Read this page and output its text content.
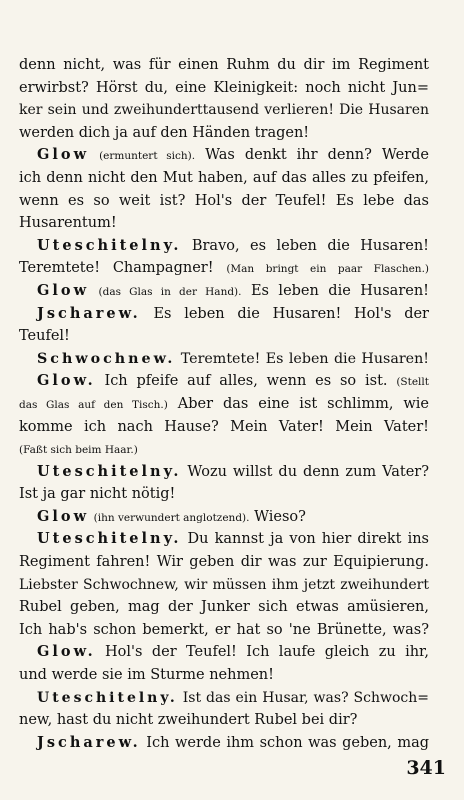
denn nicht, was für einen Ruhm du dir im Regiment
erwirbst? Hörst du, eine Kleinigkeit: noch nicht Jun=
ker sein und zweihunderttausend verlieren! Die Husaren
werden dich ja auf den Händen tragen!
Glow (ermuntert sich). Was denkt ihr denn? Werde
ich denn nicht den Mut haben, auf das alles zu pfeifen,
wenn es so weit ist? Hol's der Teufel! Es lebe das
Husarentum!
Uteschitelny. Bravo, es leben die Husaren!
Teremtete! Champagner! (Man bringt ein paar Flaschen.)
Glow (das Glas in der Hand). Es leben die Husaren!
Jscharew. Es leben die Husaren! Hol's der
Teufel!
Schwochnew. Teremtete! Es leben die Husaren!
Glow. Ich pfeife auf alles, wenn es so ist. (Stellt
das Glas auf den Tisch.) Aber das eine ist schlimm, wie
komme ich nach Hause? Mein Vater! Mein Vater!
(Faßt sich beim Haar.)
Uteschitelny. Wozu willst du denn zum Vater?
Ist ja gar nicht nötig!
Glow (ihn verwundert anglotzend). Wieso?
Uteschitelny. Du kannst ja von hier direkt ins
Regiment fahren! Wir geben dir was zur Equipierung.
Liebster Schwochnew, wir müssen ihm jetzt zweihundert
Rubel geben, mag der Junker sich etwas amüsieren,
Ich hab's schon bemerkt, er hat so 'ne Brünette, was?
Glow. Hol's der Teufel! Ich laufe gleich zu ihr,
und werde sie im Sturme nehmen!
Uteschitelny. Ist das ein Husar, was? Schwoch=
new, hast du nicht zweihundert Rubel bei dir?
Jscharew. Ich werde ihm schon was geben, mag
341
